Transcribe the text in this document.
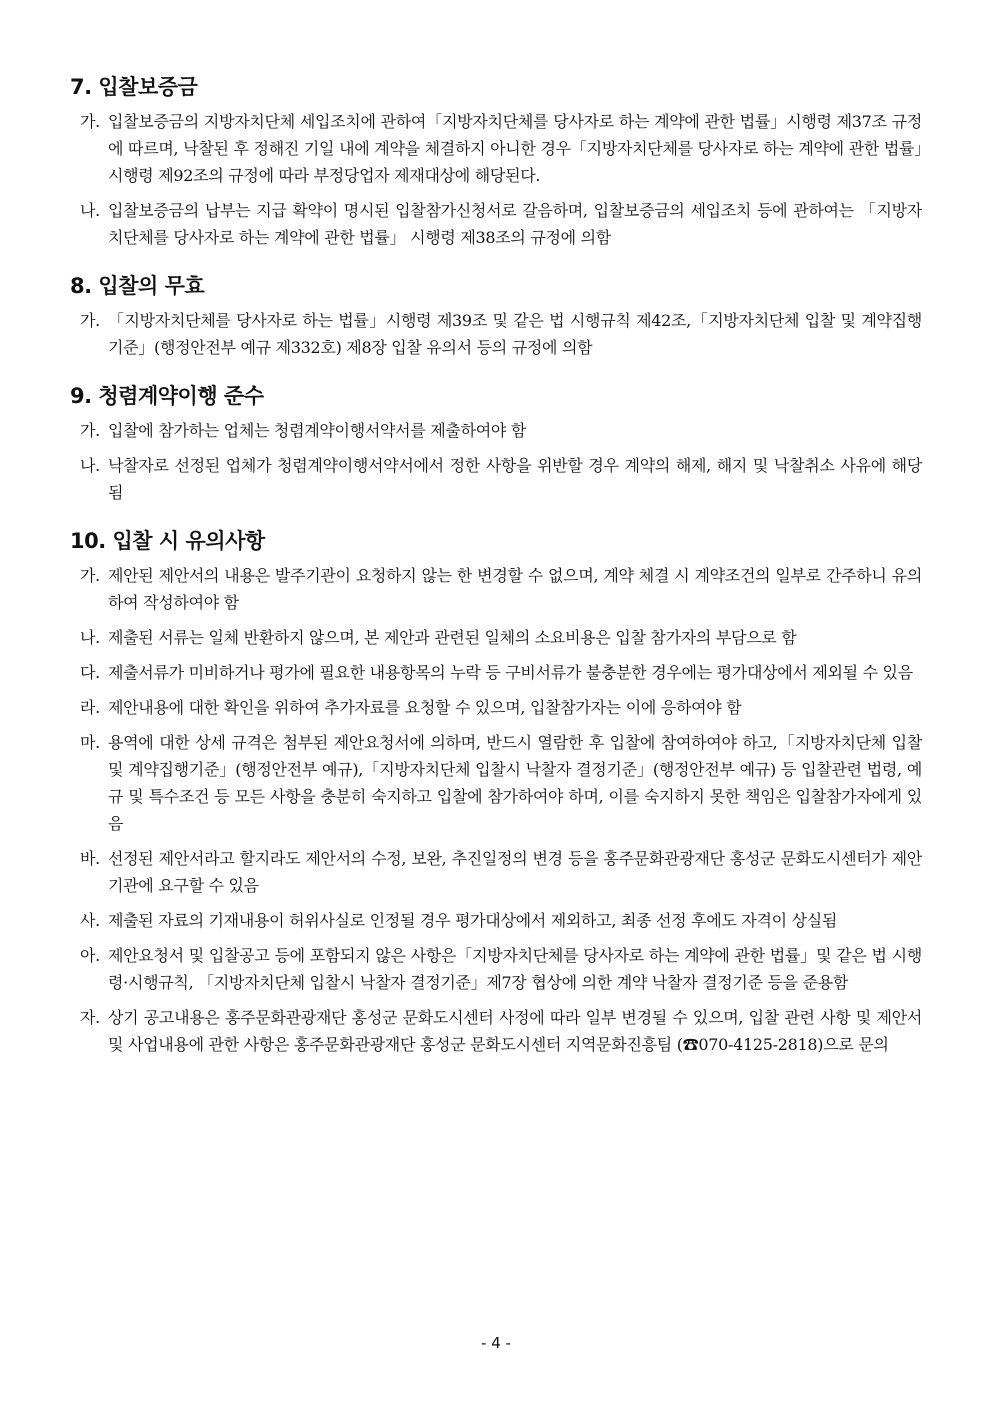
7. 입찰보증금
가. 입찰보증금의 지방자치단체 세입조치에 관하여「지방자치단체를 당사자로 하는 계약에 관한 법률」시행령 제37조 규정에 따르며, 낙찰된 후 정해진 기일 내에 계약을 체결하지 아니한 경우「지방자치단체를 당사자로 하는 계약에 관한 법률」시행령 제92조의 규정에 따라 부정당업자 제재대상에 해당된다.
나. 입찰보증금의 납부는 지급 확약이 명시된 입찰참가신청서로 갈음하며, 입찰보증금의 세입조치 등에 관하여는 「지방자치단체를 당사자로 하는 계약에 관한 법률」 시행령 제38조의 규정에 의함
8. 입찰의 무효
가. 「지방자치단체를 당사자로 하는 법률」시행령 제39조 및 같은 법 시행규칙 제42조,「지방자치단체 입찰 및 계약집행기준」(행정안전부 예규 제332호) 제8장 입찰 유의서 등의 규정에 의함
9. 청렴계약이행 준수
가. 입찰에 참가하는 업체는 청렴계약이행서약서를 제출하여야 함
나. 낙찰자로 선정된 업체가 청렴계약이행서약서에서 정한 사항을 위반할 경우 계약의 해제, 해지 및 낙찰취소 사유에 해당됨
10. 입찰 시 유의사항
가. 제안된 제안서의 내용은 발주기관이 요청하지 않는 한 변경할 수 없으며, 계약 체결 시 계약조건의 일부로 간주하니 유의하여 작성하여야 함
나. 제출된 서류는 일체 반환하지 않으며, 본 제안과 관련된 일체의 소요비용은 입찰 참가자의 부담으로 함
다. 제출서류가 미비하거나 평가에 필요한 내용항목의 누락 등 구비서류가 불충분한 경우에는 평가대상에서 제외될 수 있음
라. 제안내용에 대한 확인을 위하여 추가자료를 요청할 수 있으며, 입찰참가자는 이에 응하여야 함
마. 용역에 대한 상세 규격은 첨부된 제안요청서에 의하며, 반드시 열람한 후 입찰에 참여하여야 하고,「지방자치단체 입찰 및 계약집행기준」(행정안전부 예규),「지방자치단체 입찰시 낙찰자 결정기준」(행정안전부 예규) 등 입찰관련 법령, 예규 및 특수조건 등 모든 사항을 충분히 숙지하고 입찰에 참가하여야 하며, 이를 숙지하지 못한 책임은 입찰참가자에게 있음
바. 선정된 제안서라고 할지라도 제안서의 수정, 보완, 추진일정의 변경 등을 홍주문화관광재단 홍성군 문화도시센터가 제안기관에 요구할 수 있음
사. 제출된 자료의 기재내용이 허위사실로 인정될 경우 평가대상에서 제외하고, 최종 선정 후에도 자격이 상실됨
아. 제안요청서 및 입찰공고 등에 포함되지 않은 사항은「지방자치단체를 당사자로 하는 계약에 관한 법률」및 같은 법 시행령·시행규칙, 「지방자치단체 입찰시 낙찰자 결정기준」제7장 협상에 의한 계약 낙찰자 결정기준 등을 준용함
자. 상기 공고내용은 홍주문화관광재단 홍성군 문화도시센터 사정에 따라 일부 변경될 수 있으며, 입찰 관련 사항 및 제안서 및 사업내용에 관한 사항은 홍주문화관광재단 홍성군 문화도시센터 지역문화진흥팀 (☎070-4125-2818)으로 문의
- 4 -
